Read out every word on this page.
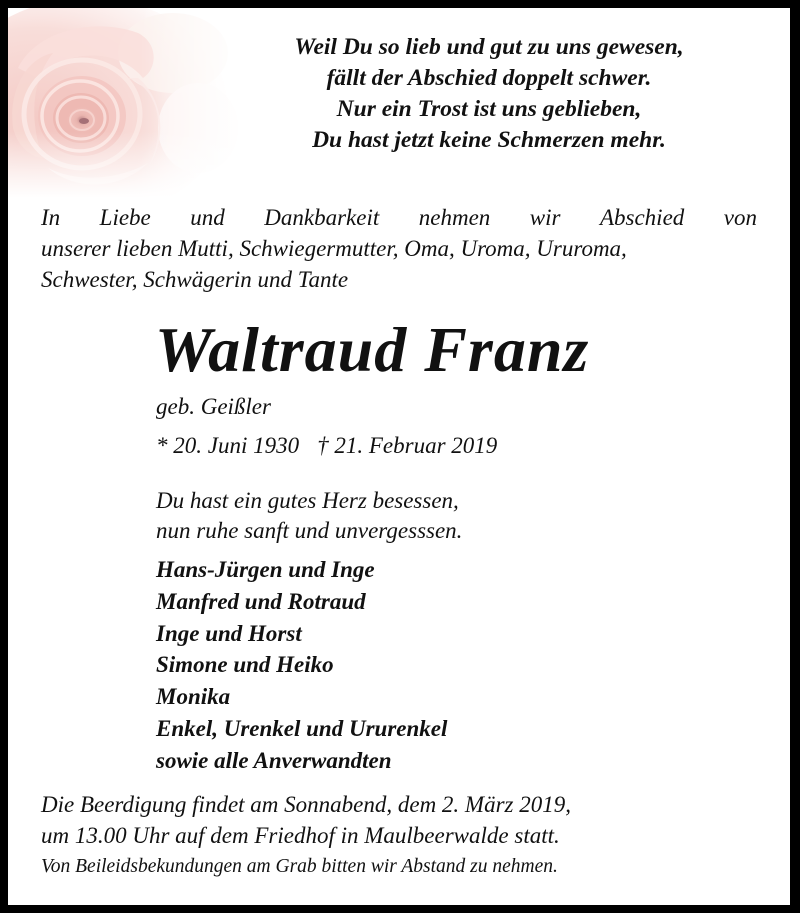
Weil Du so lieb und gut zu uns gewesen,
fällt der Abschied doppelt schwer.
Nur ein Trost ist uns geblieben,
Du hast jetzt keine Schmerzen mehr.
In Liebe und Dankbarkeit nehmen wir Abschied von
unserer lieben Mutti, Schwiegermutter, Oma, Uroma, Ururoma,
Schwester, Schwägerin und Tante
Waltraud Franz
geb. Geißler
* 20. Juni 1930 † 21. Februar 2019
Du hast ein gutes Herz besessen,
nun ruhe sanft und unvergesssen.
Hans-Jürgen und Inge
Manfred und Rotraud
Inge und Horst
Simone und Heiko
Monika
Enkel, Urenkel und Ururenkel
sowie alle Anverwandten
Die Beerdigung findet am Sonnabend, dem 2. März 2019,
um 13.00 Uhr auf dem Friedhof in Maulbeerwalde statt.
Von Beileidsbekundungen am Grab bitten wir Abstand zu nehmen.
